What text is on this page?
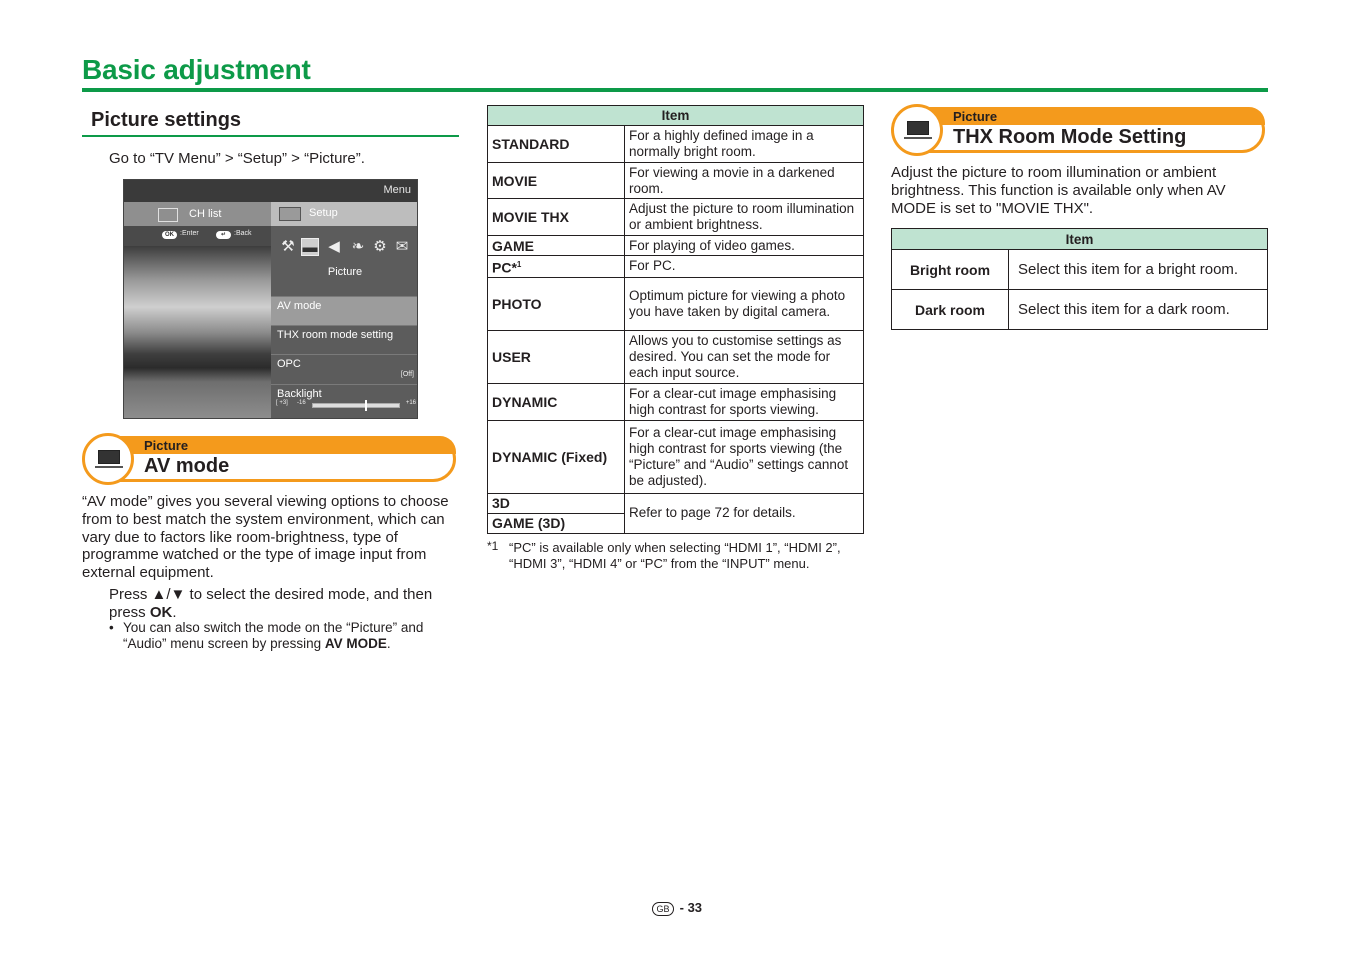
Basic adjustment
Picture settings
Go to “TV Menu” > “Setup” > “Picture”.
Menu
CH list	Setup
OK :Enter	↵	:Back
⚒ ▬ ◀ ❧ ⚙ ✉
Picture
AV mode
THX room mode setting
OPC
[Off]
Backlight
[ +3] -16	+16
Picture
AV mode
“AV mode” gives you several viewing options to choose from to best match the system environment, which can vary due to factors like room-brightness, type of programme watched or the type of image input from external equipment.
Press ▲/▼ to select the desired mode, and then press OK.
• You can also switch the mode on the “Picture” and “Audio” menu screen by pressing AV MODE.
Item	
STANDARD	For a highly defined image in a normally bright room.
MOVIE	For viewing a movie in a darkened room.
MOVIE THX	Adjust the picture to room illumination or ambient brightness.
GAME	For playing of video games.
PC*$^1$	For PC.
PHOTO	Optimum picture for viewing a photo you have taken by digital camera.
USER	Allows you to customise settings as desired. You can set the mode for each input source.
DYNAMIC	For a clear-cut image emphasising high contrast for sports viewing.
DYNAMIC (Fixed)	For a clear-cut image emphasising high contrast for sports viewing (the “Picture” and “Audio” settings cannot be adjusted).
3D	Refer to page 72 for details.
GAME (3D)	
*1 “PC” is available only when selecting “HDMI 1”, “HDMI 2”, “HDMI 3”, “HDMI 4” or “PC” from the “INPUT” menu.
Picture
THX Room Mode Setting
Adjust the picture to room illumination or ambient brightness. This function is available only when AV MODE is set to "MOVIE THX".
Item	
Bright room	Select this item for a bright room.
Dark room	Select this item for a dark room.
GB - 33
